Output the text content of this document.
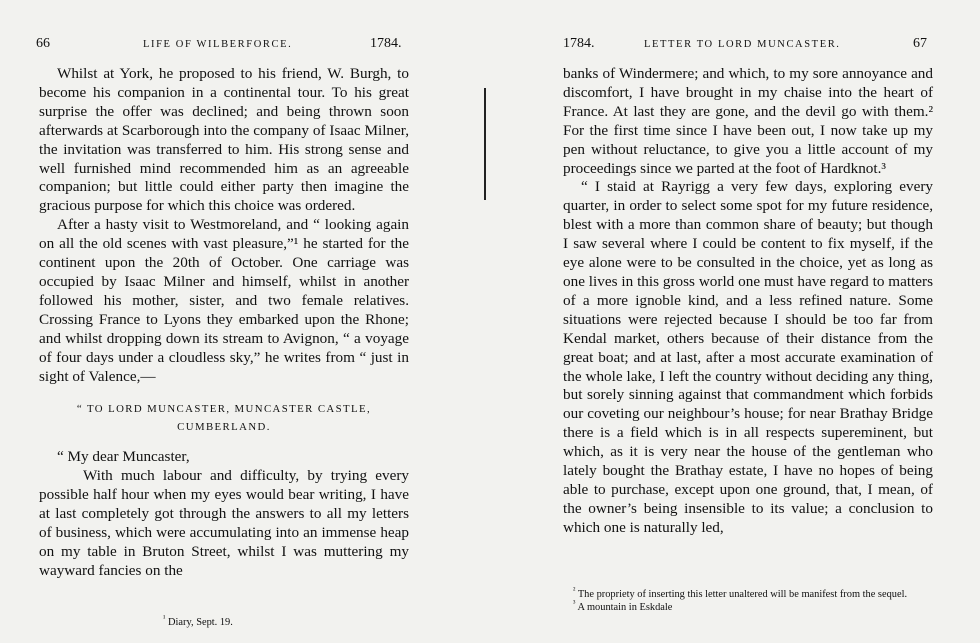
66	LIFE OF WILBERFORCE.	1784.

Whilst at York, he proposed to his friend, W. Burgh, to become his companion in a continental tour. To his great surprise the offer was declined; and being thrown soon afterwards at Scarborough into the company of Isaac Milner, the invitation was transferred to him. His strong sense and well furnished mind recommended him as an agreeable companion; but little could either party then imagine the gracious purpose for which this choice was ordered.

After a hasty visit to Westmoreland, and “ looking again on all the old scenes with vast pleasure,”¹ he started for the continent upon the 20th of October. One carriage was occupied by Isaac Milner and himself, whilst in another followed his mother, sister, and two female relatives. Crossing France to Lyons they embarked upon the Rhone; and whilst dropping down its stream to Avignon, “ a voyage of four days under a cloudless sky,” he writes from “ just in sight of Valence,—

“ TO LORD MUNCASTER, MUNCASTER CASTLE,
CUMBERLAND.

“ My dear Muncaster,

With much labour and difficulty, by trying every possible half hour when my eyes would bear writing, I have at last completely got through the answers to all my letters of business, which were accumulating into an immense heap on my table in Bruton Street, whilst I was muttering my wayward fancies on the

$^{^1}$ Diary, Sept. 19.

1784.	LETTER TO LORD MUNCASTER.	67

banks of Windermere; and which, to my sore annoyance and discomfort, I have brought in my chaise into the heart of France. At last they are gone, and the devil go with them.² For the first time since I have been out, I now take up my pen without reluctance, to give you a little account of my proceedings since we parted at the foot of Hardknot.³

“ I staid at Rayrigg a very few days, exploring every quarter, in order to select some spot for my future residence, blest with a more than common share of beauty; but though I saw several where I could be content to fix myself, if the eye alone were to be consulted in the choice, yet as long as one lives in this gross world one must have regard to matters of a more ignoble kind, and a less refined nature. Some situations were rejected because I should be too far from Kendal market, others because of their distance from the great boat; and at last, after a most accurate examination of the whole lake, I left the country without deciding any thing, but sorely sinning against that commandment which forbids our coveting our neighbour’s house; for near Brathay Bridge there is a field which is in all respects supereminent, but which, as it is very near the house of the gentleman who lately bought the Brathay estate, I have no hopes of being able to purchase, except upon one ground, that, I mean, of the owner’s being insensible to its value; a conclusion to which one is naturally led,

$^{^2}$ The propriety of inserting this letter unaltered will be manifest from the sequel.

$^{^3}$ A mountain in Eskdale
